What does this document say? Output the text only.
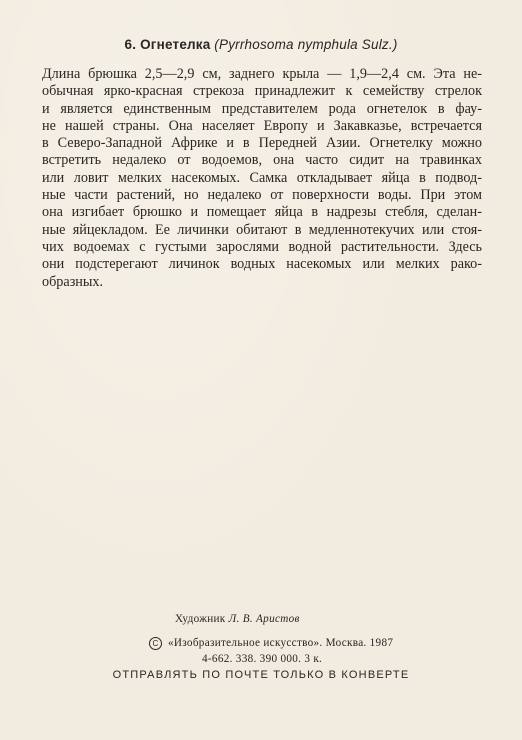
6. Огнетелка (Pyrrhosoma nymphula Sulz.)
Длина брюшка 2,5—2,9 см, заднего крыла — 1,9—2,4 см. Эта не-
обычная ярко-красная стрекоза принадлежит к семейству стрелок
и является единственным представителем рода огнетелок в фау-
не нашей страны. Она населяет Европу и Закавказье, встречается
в Северо-Западной Африке и в Передней Азии. Огнетелку можно
встретить недалеко от водоемов, она часто сидит на травинках
или ловит мелких насекомых. Самка откладывает яйца в подвод-
ные части растений, но недалеко от поверхности воды. При этом
она изгибает брюшко и помещает яйца в надрезы стебля, сделан-
ные яйцекладом. Ее личинки обитают в медленнотекучих или стоя-
чих водоемах с густыми зарослями водной растительности. Здесь
они подстерегают личинок водных насекомых или мелких рако-
образных.
Художник Л. В. Аристов
C «Изобразительное искусство». Москва. 1987
4-662. 338. 390 000. 3 к.
ОТПРАВЛЯТЬ ПО ПОЧТЕ ТОЛЬКО В КОНВЕРТЕ
